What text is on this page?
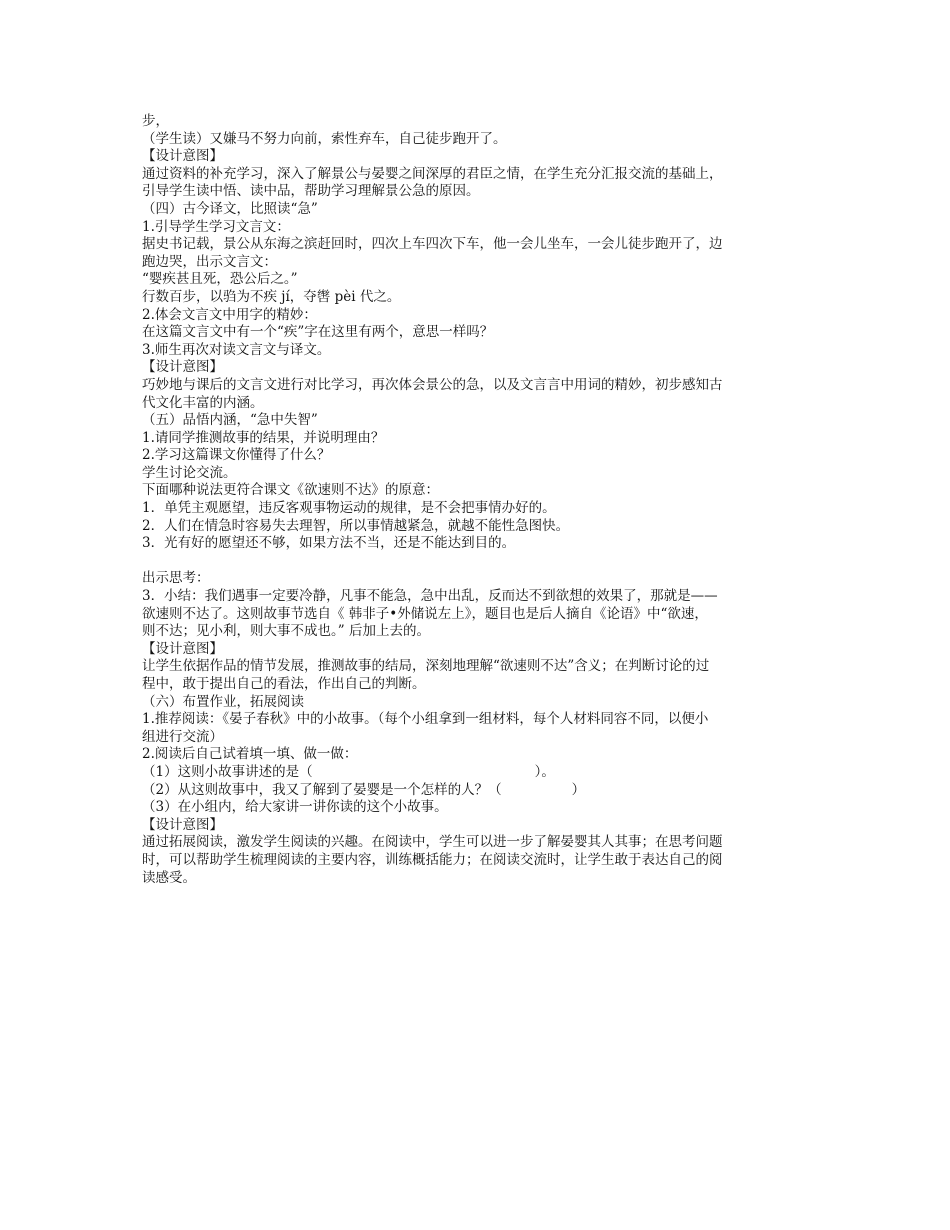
步，
（学生读）又嫌马不努力向前，索性弃车，自己徒步跑开了。
【设计意图】
通过资料的补充学习，深入了解景公与晏婴之间深厚的君臣之情，在学生充分汇报交流的基础上，
引导学生读中悟、读中品，帮助学习理解景公急的原因。
（四）古今译文，比照读“急”
1.引导学生学习文言文：
据史书记载，景公从东海之滨赶回时，四次上车四次下车，他一会儿坐车，一会儿徒步跑开了，边
跑边哭，出示文言文：
“婴疾甚且死，恐公后之。”
行数百步，以驺为不疾 jí，夺辔 pèi 代之。
2.体会文言文中用字的精妙：
在这篇文言文中有一个“疾”字在这里有两个，意思一样吗？
3.师生再次对读文言文与译文。
【设计意图】
巧妙地与课后的文言文进行对比学习，再次体会景公的急，以及文言言中用词的精妙，初步感知古
代文化丰富的内涵。
（五）品悟内涵，“急中失智”
1.请同学推测故事的结果，并说明理由？
2.学习这篇课文你懂得了什么？
学生讨论交流。
下面哪种说法更符合课文《欲速则不达》的原意：
1．单凭主观愿望，违反客观事物运动的规律，是不会把事情办好的。
2．人们在情急时容易失去理智，所以事情越紧急，就越不能性急图快。
3．光有好的愿望还不够，如果方法不当，还是不能达到目的。
出示思考：
3．小结：我们遇事一定要冷静，凡事不能急，急中出乱，反而达不到欲想的效果了，那就是——
欲速则不达了。这则故事节选自《 韩非子•外储说左上》，题目也是后人摘自《论语》中“欲速，
则不达；见小利，则大事不成也。” 后加上去的。
【设计意图】
让学生依据作品的情节发展，推测故事的结局，深刻地理解“欲速则不达”含义；在判断讨论的过
程中，敢于提出自己的看法，作出自己的判断。
（六）布置作业，拓展阅读
1.推荐阅读：《晏子春秋》中的小故事。（每个小组拿到一组材料，每个人材料同容不同，以便小
组进行交流）
2.阅读后自己试着填一填、做一做：
（1）这则小故事讲述的是（	）。
（2）从这则故事中，我又了解到了晏婴是一个怎样的人？（	）
（3）在小组内，给大家讲一讲你读的这个小故事。
【设计意图】
通过拓展阅读，激发学生阅读的兴趣。在阅读中，学生可以进一步了解晏婴其人其事；在思考问题
时，可以帮助学生梳理阅读的主要内容，训练概括能力；在阅读交流时，让学生敢于表达自己的阅
读感受。
